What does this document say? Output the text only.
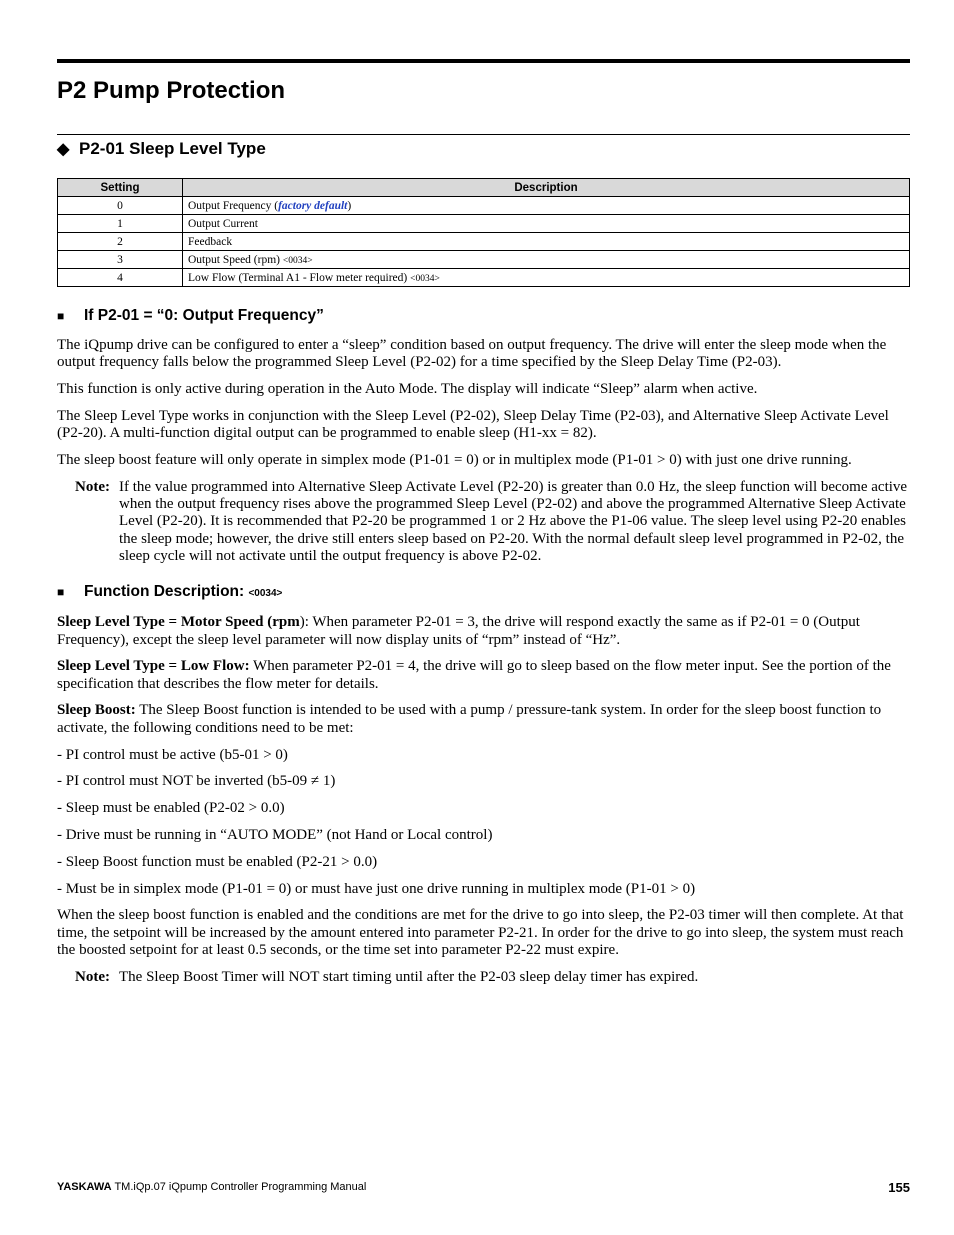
P2 Pump Protection
◆ P2-01 Sleep Level Type
Setting	Description
0	Output Frequency (factory default)
1	Output Current
2	Feedback
3	Output Speed (rpm) <0034>
4	Low Flow (Terminal A1 - Flow meter required) <0034>
■ If P2-01 = “0: Output Frequency”

The iQpump drive can be configured to enter a “sleep” condition based on output frequency. The drive will enter the sleep mode when the output frequency falls below the programmed Sleep Level (P2-02) for a time specified by the Sleep Delay Time (P2-03).

This function is only active during operation in the Auto Mode. The display will indicate “Sleep” alarm when active.

The Sleep Level Type works in conjunction with the Sleep Level (P2-02), Sleep Delay Time (P2-03), and Alternative Sleep Activate Level (P2-20). A multi-function digital output can be programmed to enable sleep (H1-xx = 82).

The sleep boost feature will only operate in simplex mode (P1-01 = 0) or in multiplex mode (P1-01 > 0) with just one drive running.

Note: If the value programmed into Alternative Sleep Activate Level (P2-20) is greater than 0.0 Hz, the sleep function will become active when the output frequency rises above the programmed Sleep Level (P2-02) and above the programmed Alternative Sleep Activate Level (P2-20). It is recommended that P2-20 be programmed 1 or 2 Hz above the P1-06 value. The sleep level using P2-20 enables the sleep mode; however, the drive still enters sleep based on P2-20. With the normal default sleep level programmed in P2-02, the sleep cycle will not activate until the output frequency is above P2-02.
■ Function Description: <0034>

Sleep Level Type = Motor Speed (rpm): When parameter P2-01 = 3, the drive will respond exactly the same as if P2-01 = 0 (Output Frequency), except the sleep level parameter will now display units of “rpm” instead of “Hz”.

Sleep Level Type = Low Flow: When parameter P2-01 = 4, the drive will go to sleep based on the flow meter input. See the portion of the specification that describes the flow meter for details.

Sleep Boost: The Sleep Boost function is intended to be used with a pump / pressure-tank system. In order for the sleep boost function to activate, the following conditions need to be met:

- PI control must be active (b5-01 > 0)

- PI control must NOT be inverted (b5-09 ≠ 1)

- Sleep must be enabled (P2-02 > 0.0)

- Drive must be running in “AUTO MODE” (not Hand or Local control)

- Sleep Boost function must be enabled (P2-21 > 0.0)

- Must be in simplex mode (P1-01 = 0) or must have just one drive running in multiplex mode (P1-01 > 0)

When the sleep boost function is enabled and the conditions are met for the drive to go into sleep, the P2-03 timer will then complete. At that time, the setpoint will be increased by the amount entered into parameter P2-21. In order for the drive to go into sleep, the system must reach the boosted setpoint for at least 0.5 seconds, or the time set into parameter P2-22 must expire.

Note: The Sleep Boost Timer will NOT start timing until after the P2-03 sleep delay timer has expired.
YASKAWA TM.iQp.07 iQpump Controller Programming Manual	155
